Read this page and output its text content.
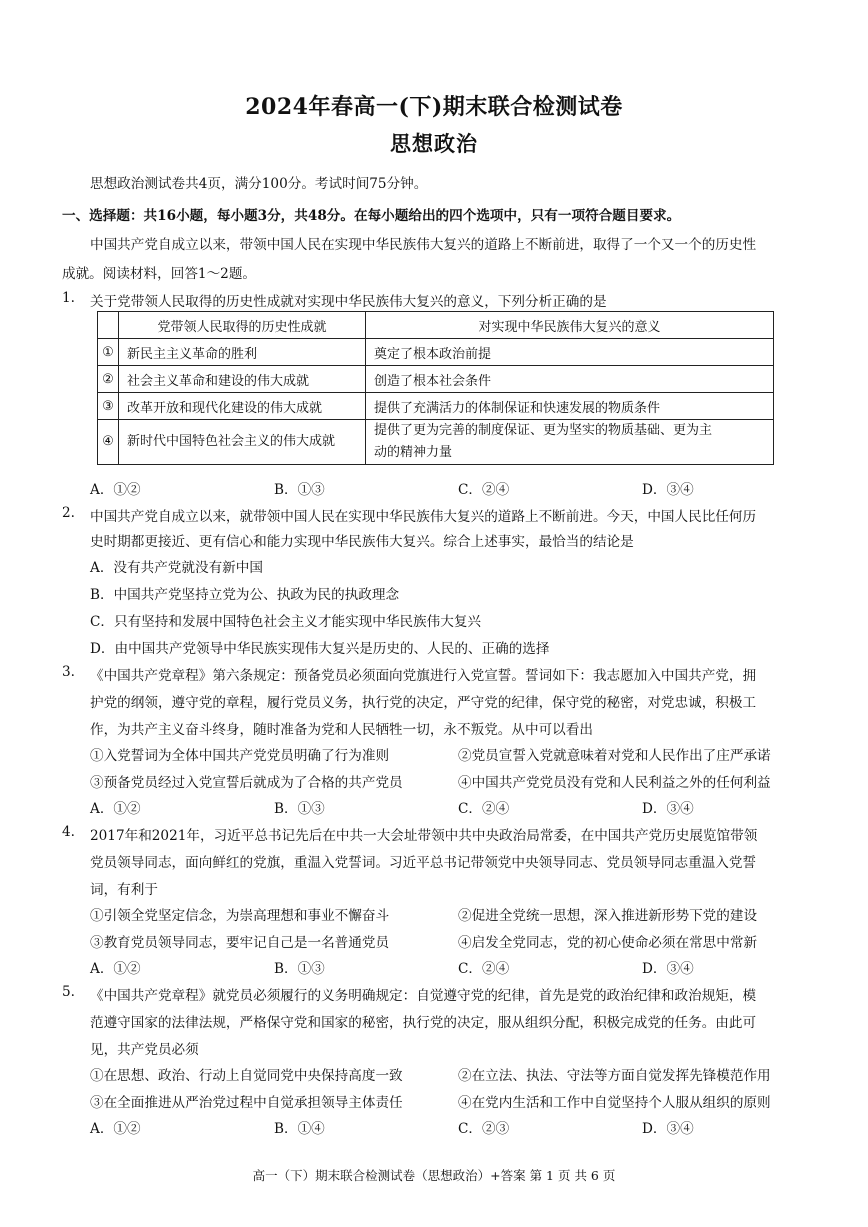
2024年春高一(下)期末联合检测试卷
思想政治
思想政治测试卷共4页，满分100分。考试时间75分钟。
一、选择题：共16小题，每小题3分，共48分。在每小题给出的四个选项中，只有一项符合题目要求。
中国共产党自成立以来，带领中国人民在实现中华民族伟大复兴的道路上不断前进，取得了一个又一个的历史性
成就。阅读材料，回答1～2题。
1. 关于党带领人民取得的历史性成就对实现中华民族伟大复兴的意义，下列分析正确的是
	党带领人民取得的历史性成就	对实现中华民族伟大复兴的意义
①	新民主主义革命的胜利	奠定了根本政治前提
②	社会主义革命和建设的伟大成就	创造了根本社会条件
③	改革开放和现代化建设的伟大成就	提供了充满活力的体制保证和快速发展的物质条件
④	新时代中国特色社会主义的伟大成就	提供了更为完善的制度保证、更为坚实的物质基础、更为主
动的精神力量
A．①②	B．①③	C．②④	D．③④
2. 中国共产党自成立以来，就带领中国人民在实现中华民族伟大复兴的道路上不断前进。今天，中国人民比任何历
史时期都更接近、更有信心和能力实现中华民族伟大复兴。综合上述事实，最恰当的结论是
A．没有共产党就没有新中国
B．中国共产党坚持立党为公、执政为民的执政理念
C．只有坚持和发展中国特色社会主义才能实现中华民族伟大复兴
D．由中国共产党领导中华民族实现伟大复兴是历史的、人民的、正确的选择
3. 《中国共产党章程》第六条规定：预备党员必须面向党旗进行入党宣誓。誓词如下：我志愿加入中国共产党，拥
护党的纲领，遵守党的章程，履行党员义务，执行党的决定，严守党的纪律，保守党的秘密，对党忠诚，积极工
作，为共产主义奋斗终身，随时准备为党和人民牺牲一切，永不叛党。从中可以看出
①入党誓词为全体中国共产党党员明确了行为准则	②党员宣誓入党就意味着对党和人民作出了庄严承诺
③预备党员经过入党宣誓后就成为了合格的共产党员	④中国共产党党员没有党和人民利益之外的任何利益
A．①②	B．①③	C．②④	D．③④
4. 2017年和2021年，习近平总书记先后在中共一大会址带领中共中央政治局常委，在中国共产党历史展览馆带领
党员领导同志，面向鲜红的党旗，重温入党誓词。习近平总书记带领党中央领导同志、党员领导同志重温入党誓
词，有利于
①引领全党坚定信念，为崇高理想和事业不懈奋斗	②促进全党统一思想，深入推进新形势下党的建设
③教育党员领导同志，要牢记自己是一名普通党员	④启发全党同志，党的初心使命必须在常思中常新
A．①②	B．①③	C．②④	D．③④
5. 《中国共产党章程》就党员必须履行的义务明确规定：自觉遵守党的纪律，首先是党的政治纪律和政治规矩，模
范遵守国家的法律法规，严格保守党和国家的秘密，执行党的决定，服从组织分配，积极完成党的任务。由此可
见，共产党员必须
①在思想、政治、行动上自觉同党中央保持高度一致	②在立法、执法、守法等方面自觉发挥先锋模范作用
③在全面推进从严治党过程中自觉承担领导主体责任	④在党内生活和工作中自觉坚持个人服从组织的原则
A．①②	B．①④	C．②③	D．③④
高一（下）期末联合检测试卷（思想政治）+答案 第 1 页 共 6 页
